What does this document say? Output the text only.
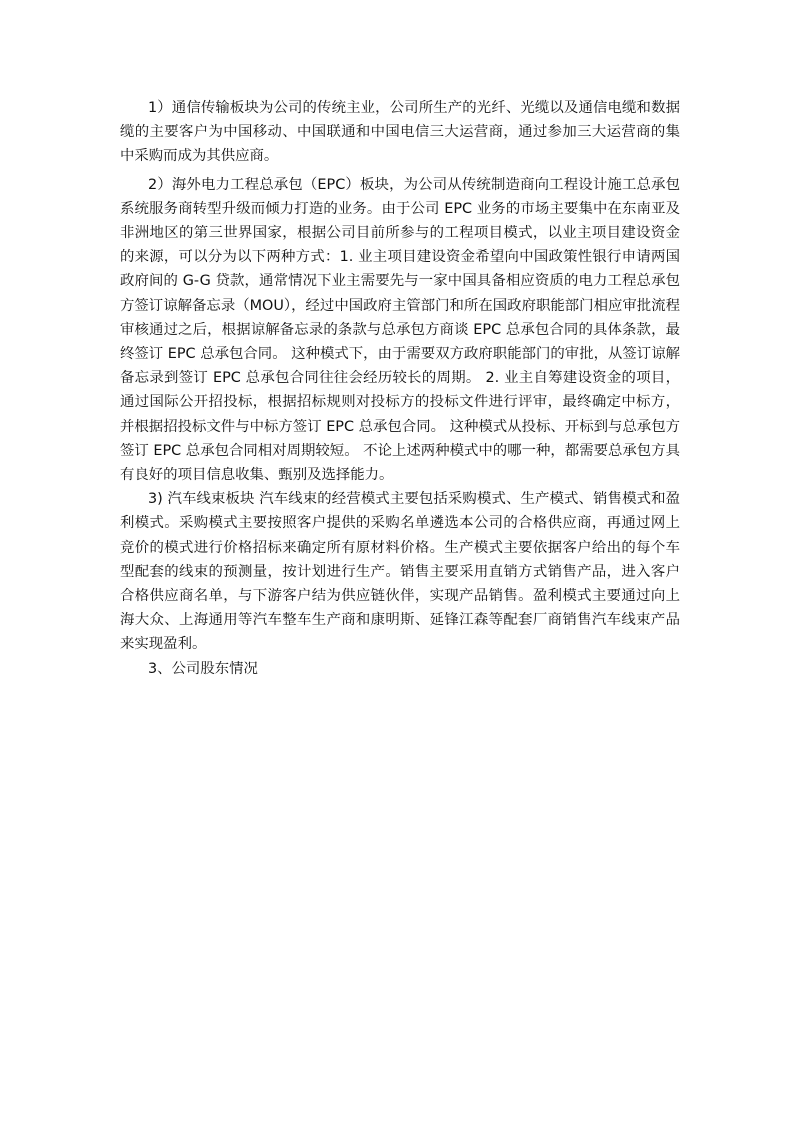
1）通信传输板块为公司的传统主业，公司所生产的光纤、光缆以及通信电缆和数据缆的主要客户为中国移动、中国联通和中国电信三大运营商，通过参加三大运营商的集中采购而成为其供应商。

2）海外电力工程总承包（EPC）板块，为公司从传统制造商向工程设计施工总承包系统服务商转型升级而倾力打造的业务。由于公司 EPC 业务的市场主要集中在东南亚及非洲地区的第三世界国家，根据公司目前所参与的工程项目模式，以业主项目建设资金的来源，可以分为以下两种方式：1. 业主项目建设资金希望向中国政策性银行申请两国政府间的 G-G 贷款，通常情况下业主需要先与一家中国具备相应资质的电力工程总承包方签订谅解备忘录（MOU），经过中国政府主管部门和所在国政府职能部门相应审批流程审核通过之后，根据谅解备忘录的条款与总承包方商谈 EPC 总承包合同的具体条款，最终签订 EPC 总承包合同。 这种模式下，由于需要双方政府职能部门的审批，从签订谅解备忘录到签订 EPC 总承包合同往往会经历较长的周期。 2. 业主自筹建设资金的项目，通过国际公开招投标，根据招标规则对投标方的投标文件进行评审，最终确定中标方，并根据招投标文件与中标方签订 EPC 总承包合同。 这种模式从投标、开标到与总承包方签订 EPC 总承包合同相对周期较短。 不论上述两种模式中的哪一种，都需要总承包方具有良好的项目信息收集、甄别及选择能力。

3) 汽车线束板块 汽车线束的经营模式主要包括采购模式、生产模式、销售模式和盈利模式。采购模式主要按照客户提供的采购名单遴选本公司的合格供应商，再通过网上竞价的模式进行价格招标来确定所有原材料价格。生产模式主要依据客户给出的每个车型配套的线束的预测量，按计划进行生产。销售主要采用直销方式销售产品，进入客户合格供应商名单，与下游客户结为供应链伙伴，实现产品销售。盈利模式主要通过向上海大众、上海通用等汽车整车生产商和康明斯、延锋江森等配套厂商销售汽车线束产品来实现盈利。

3、公司股东情况
